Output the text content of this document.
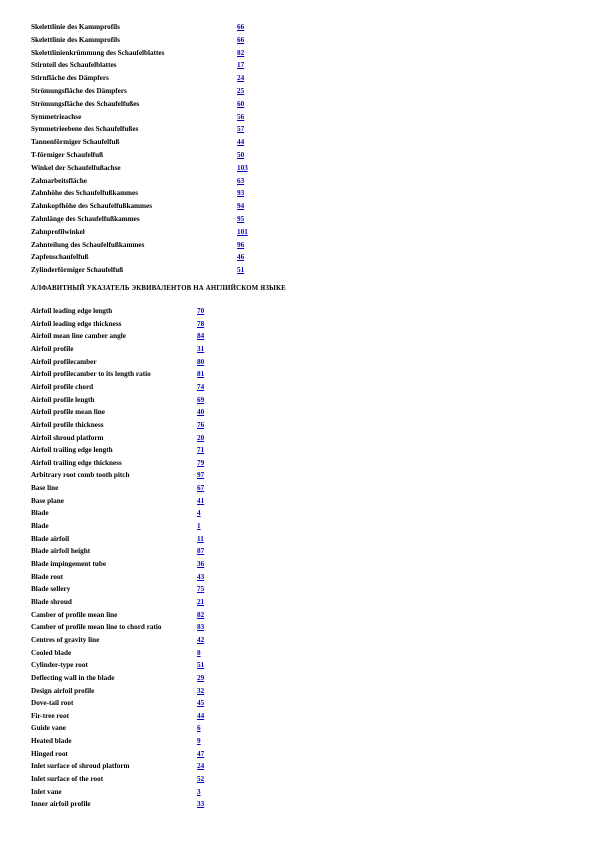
Skelettlinie des Kammprofils	66
Skelettlinie des Kammprofils	66
Skelettlinienkrümmung des Schaufelblattes	82
Stirnteil des Schaufelblattes	17
Stirnfläche des Dämpfers	24
Strömungsfläche des Dämpfers	25
Strömungsfläche des Schaufelfußes	60
Symmetrieachse	56
Symmetrieebene des Schaufelfußes	57
Tannenförmiger Schaufelfuß	44
T-förmiger Schaufelfuß	50
Winkel der Schaufelfußachse	103
Zahnarbeitsfläche	63
Zahnhöhe des Schaufelfußkammes	93
Zahnkopfhöhe des Schaufelfußkammes	94
Zahnlänge des Schaufelfußkammes	95
Zahnprofilwinkel	101
Zahnteilung des Schaufelfußkammes	96
Zapfenschaufelfuß	46
Zylinderförmiger Schaufelfuß	51
АЛФАВИТНЫЙ УКАЗАТЕЛЬ ЭКВИВАЛЕНТОВ НА АНГЛИЙСКОМ ЯЗЫКЕ
Airfoil leading edge length	70
Airfoil leading edge thickness	78
Airfoil mean line camber angle	84
Airfoil profile	31
Airfoil profilecamber	80
Airfoil profilecamber to its length ratio	81
Airfoil profile chord	74
Airfoil profile length	69
Airfoil profile mean line	40
Airfoil profile thickness	76
Airfoil shroud platform	20
Airfoil trailing edge length	71
Airfoil trailing edge thickness	79
Arbitrary root comb tooth pitch	97
Base line	67
Base plane	41
Blade	4
Blade	1
Blade airfoil	11
Blade airfoil height	87
Blade impingement tube	36
Blade root	43
Blade sellery	75
Blade shroud	21
Camber of profile mean line	82
Camber of profile mean line to chord ratio	83
Centres of gravity line	42
Cooled blade	8
Cylinder-type root	51
Deflecting wall in the blade	29
Design airfoil profile	32
Dove-tail root	45
Fir-tree root	44
Guide vane	6
Heated blade	9
Hinged root	47
Inlet surface of shroud platform	24
Inlet surface of the root	52
Inlet vane	3
Inner airfoil profile	33
